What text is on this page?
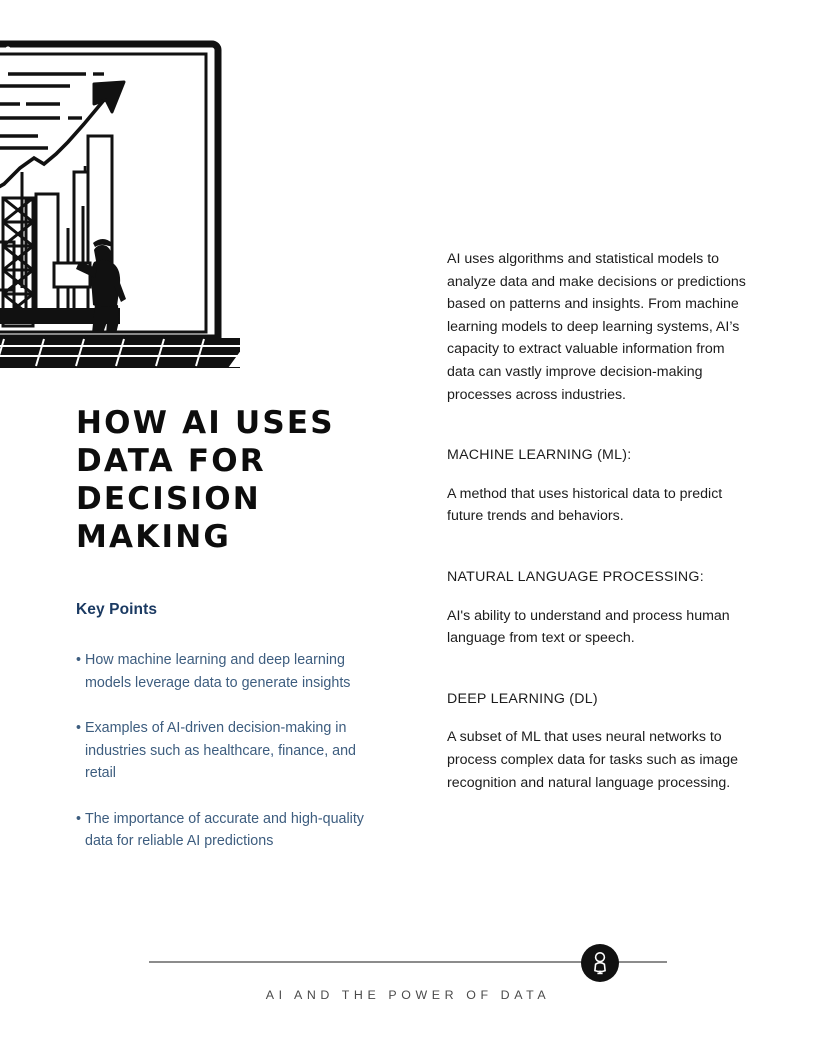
HOW AI USES
DATA FOR
DECISION
MAKING
Key Points
• How machine learning and deep learning models leverage data to generate insights
• Examples of AI-driven decision-making in industries such as healthcare, finance, and retail
• The importance of accurate and high-quality data for reliable AI predictions

AI uses algorithms and statistical models to analyze data and make decisions or predictions based on patterns and insights. From machine learning models to deep learning systems, AI’s capacity to extract valuable information from data can vastly improve decision-making processes across industries.

MACHINE LEARNING (ML):

A method that uses historical data to predict future trends and behaviors.

NATURAL LANGUAGE PROCESSING:

AI's ability to understand and process human language from text or speech.

DEEP LEARNING (DL)

A subset of ML that uses neural networks to process complex data for tasks such as image recognition and natural language processing.

AI AND THE POWER OF DATA
